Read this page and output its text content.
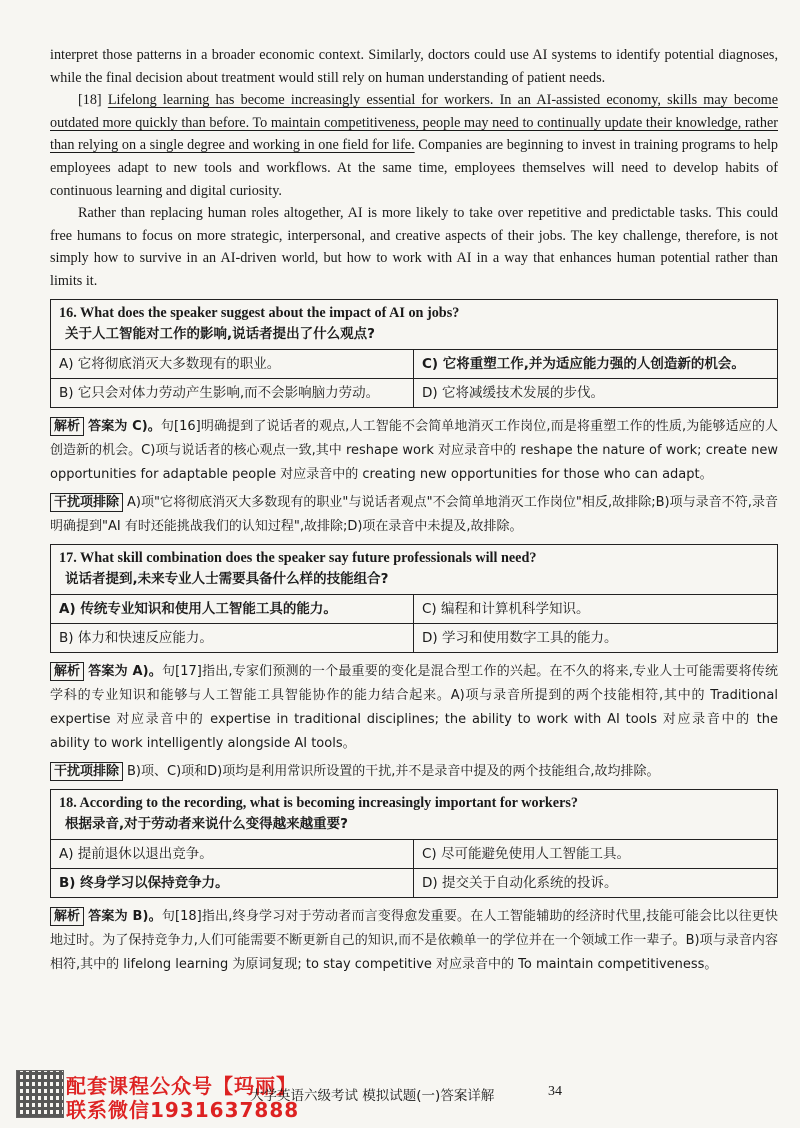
interpret those patterns in a broader economic context. Similarly, doctors could use AI systems to identify potential diagnoses, while the final decision about treatment would still rely on human understanding of patient needs.

[18] Lifelong learning has become increasingly essential for workers. In an AI-assisted economy, skills may become outdated more quickly than before. To maintain competitiveness, people may need to continually update their knowledge, rather than relying on a single degree and working in one field for life. Companies are beginning to invest in training programs to help employees adapt to new tools and workflows. At the same time, employees themselves will need to develop habits of continuous learning and digital curiosity.

Rather than replacing human roles altogether, AI is more likely to take over repetitive and predictable tasks. This could free humans to focus on more strategic, interpersonal, and creative aspects of their jobs. The key challenge, therefore, is not simply how to survive in an AI-driven world, but how to work with AI in a way that enhances human potential rather than limits it.

16. What does the speaker suggest about the impact of AI on jobs?
关于人工智能对工作的影响,说话者提出了什么观点?
A) 它将彻底消灭大多数现有的职业。	C) 它将重塑工作,并为适应能力强的人创造新的机会。
B) 它只会对体力劳动产生影响,而不会影响脑力劳动。	D) 它将减缓技术发展的步伐。

解析 答案为 C)。句[16]明确提到了说话者的观点,人工智能不会简单地消灭工作岗位,而是将重塑工作的性质,为能够适应的人创造新的机会。C)项与说话者的核心观点一致,其中 reshape work 对应录音中的 reshape the nature of work; create new opportunities for adaptable people 对应录音中的 creating new opportunities for those who can adapt。

干扰项排除 A)项"它将彻底消灭大多数现有的职业"与说话者观点"不会简单地消灭工作岗位"相反,故排除;B)项与录音不符,录音明确提到"AI 有时还能挑战我们的认知过程",故排除;D)项在录音中未提及,故排除。

17. What skill combination does the speaker say future professionals will need?
说话者提到,未来专业人士需要具备什么样的技能组合?
A) 传统专业知识和使用人工智能工具的能力。	C) 编程和计算机科学知识。
B) 体力和快速反应能力。	D) 学习和使用数字工具的能力。

解析 答案为 A)。句[17]指出,专家们预测的一个最重要的变化是混合型工作的兴起。在不久的将来,专业人士可能需要将传统学科的专业知识和能够与人工智能工具智能协作的能力结合起来。A)项与录音所提到的两个技能相符,其中的 Traditional expertise 对应录音中的 expertise in traditional disciplines; the ability to work with AI tools 对应录音中的 the ability to work intelligently alongside AI tools。

干扰项排除 B)项、C)项和D)项均是利用常识所设置的干扰,并不是录音中提及的两个技能组合,故均排除。

18. According to the recording, what is becoming increasingly important for workers?
根据录音,对于劳动者来说什么变得越来越重要?
A) 提前退休以退出竞争。	C) 尽可能避免使用人工智能工具。
B) 终身学习以保持竞争力。	D) 提交关于自动化系统的投诉。

解析 答案为 B)。句[18]指出,终身学习对于劳动者而言变得愈发重要。在人工智能辅助的经济时代里,技能可能会比以往更快地过时。为了保持竞争力,人们可能需要不断更新自己的知识,而不是依赖单一的学位并在一个领域工作一辈子。B)项与录音内容相符,其中的 lifelong learning 为原词复现; to stay competitive 对应录音中的 To maintain competitiveness。

配套课程公众号【玛丽】
联系微信1931637888
大学英语六级考试 模拟试题(一)答案详解	34
